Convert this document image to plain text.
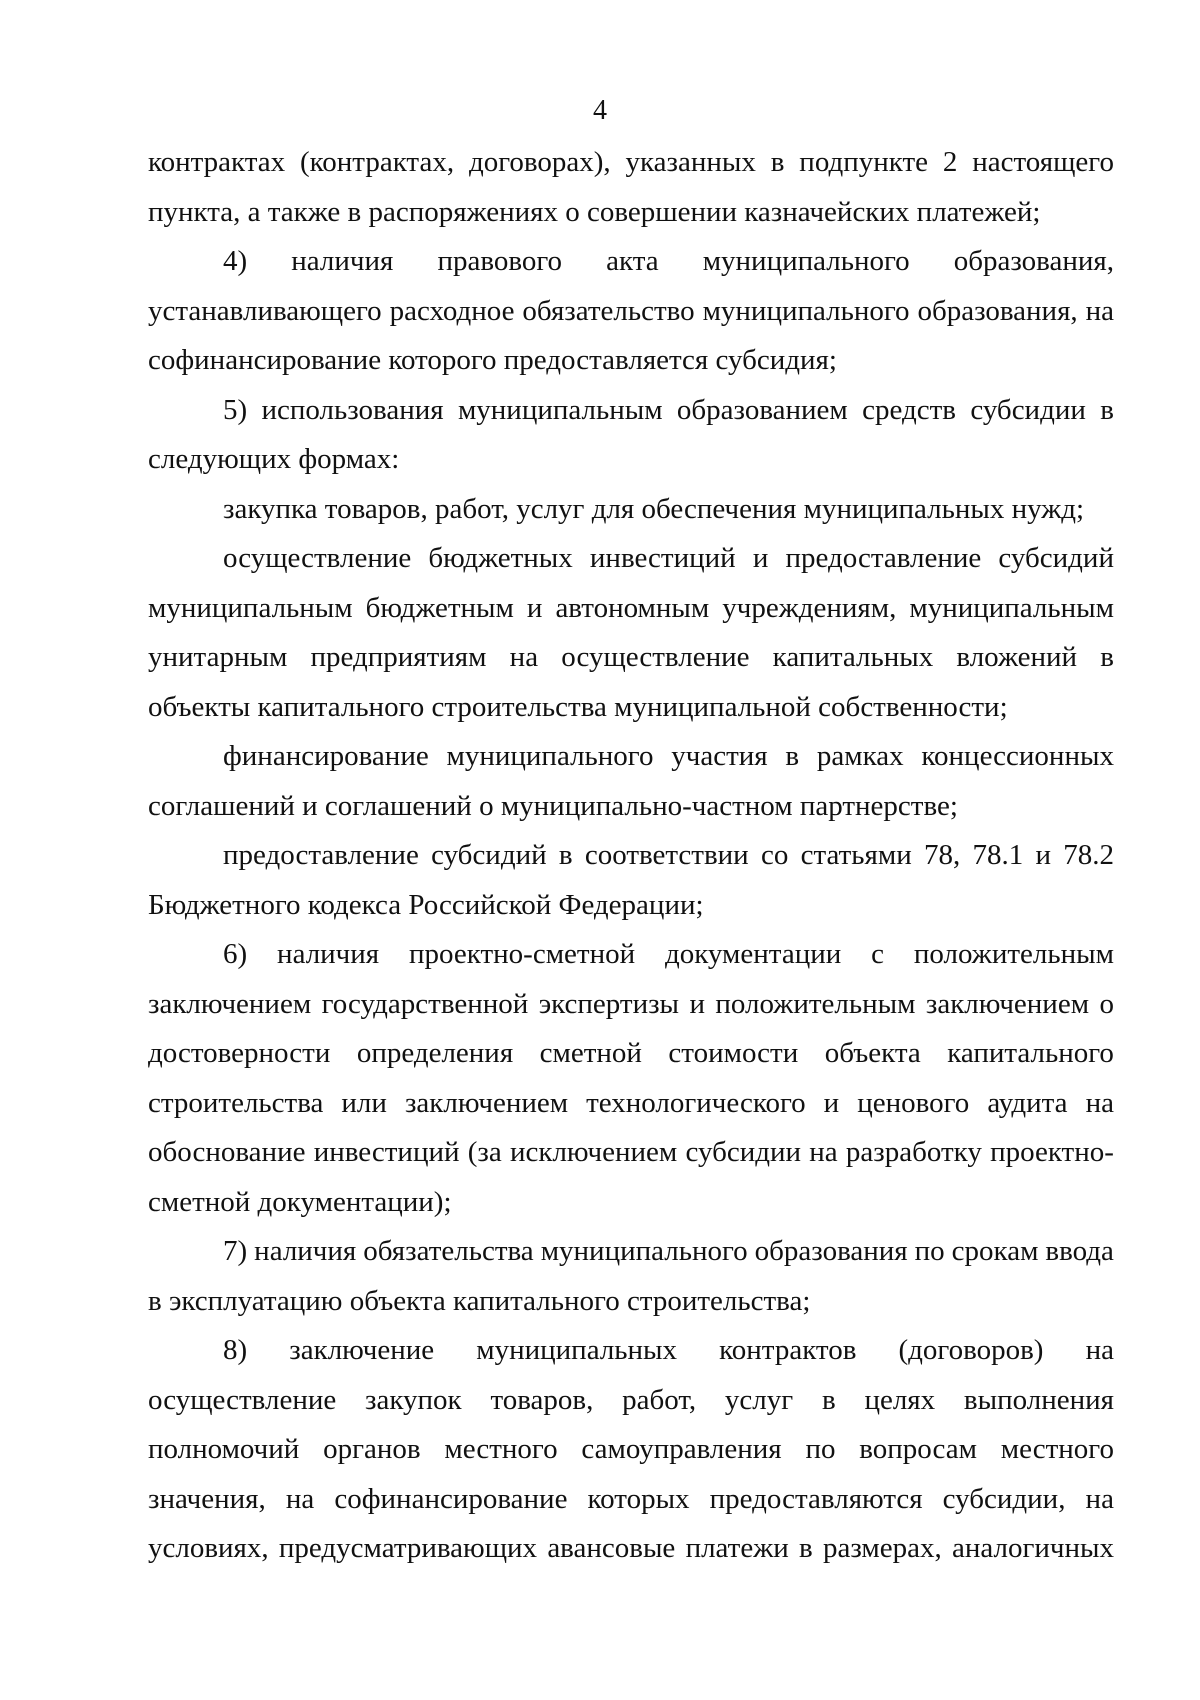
4
контрактах (контрактах, договорах), указанных в подпункте 2 настоящего
пункта, а также в распоряжениях о совершении казначейских платежей;
4) наличия правового акта муниципального образования,
устанавливающего расходное обязательство муниципального образования, на
софинансирование которого предоставляется субсидия;
5) использования муниципальным образованием средств субсидии в
следующих формах:
закупка товаров, работ, услуг для обеспечения муниципальных нужд;
осуществление бюджетных инвестиций и предоставление субсидий
муниципальным бюджетным и автономным учреждениям, муниципальным
унитарным предприятиям на осуществление капитальных вложений в
объекты капитального строительства муниципальной собственности;
финансирование муниципального участия в рамках концессионных
соглашений и соглашений о муниципально-частном партнерстве;
предоставление субсидий в соответствии со статьями 78, 78.1 и 78.2
Бюджетного кодекса Российской Федерации;
6) наличия проектно-сметной документации с положительным
заключением государственной экспертизы и положительным заключением о
достоверности определения сметной стоимости объекта капитального
строительства или заключением технологического и ценового аудита на
обоснование инвестиций (за исключением субсидии на разработку проектно-
сметной документации);
7) наличия обязательства муниципального образования по срокам ввода
в эксплуатацию объекта капитального строительства;
8) заключение муниципальных контрактов (договоров) на
осуществление закупок товаров, работ, услуг в целях выполнения
полномочий органов местного самоуправления по вопросам местного
значения, на софинансирование которых предоставляются субсидии, на
условиях, предусматривающих авансовые платежи в размерах, аналогичных
